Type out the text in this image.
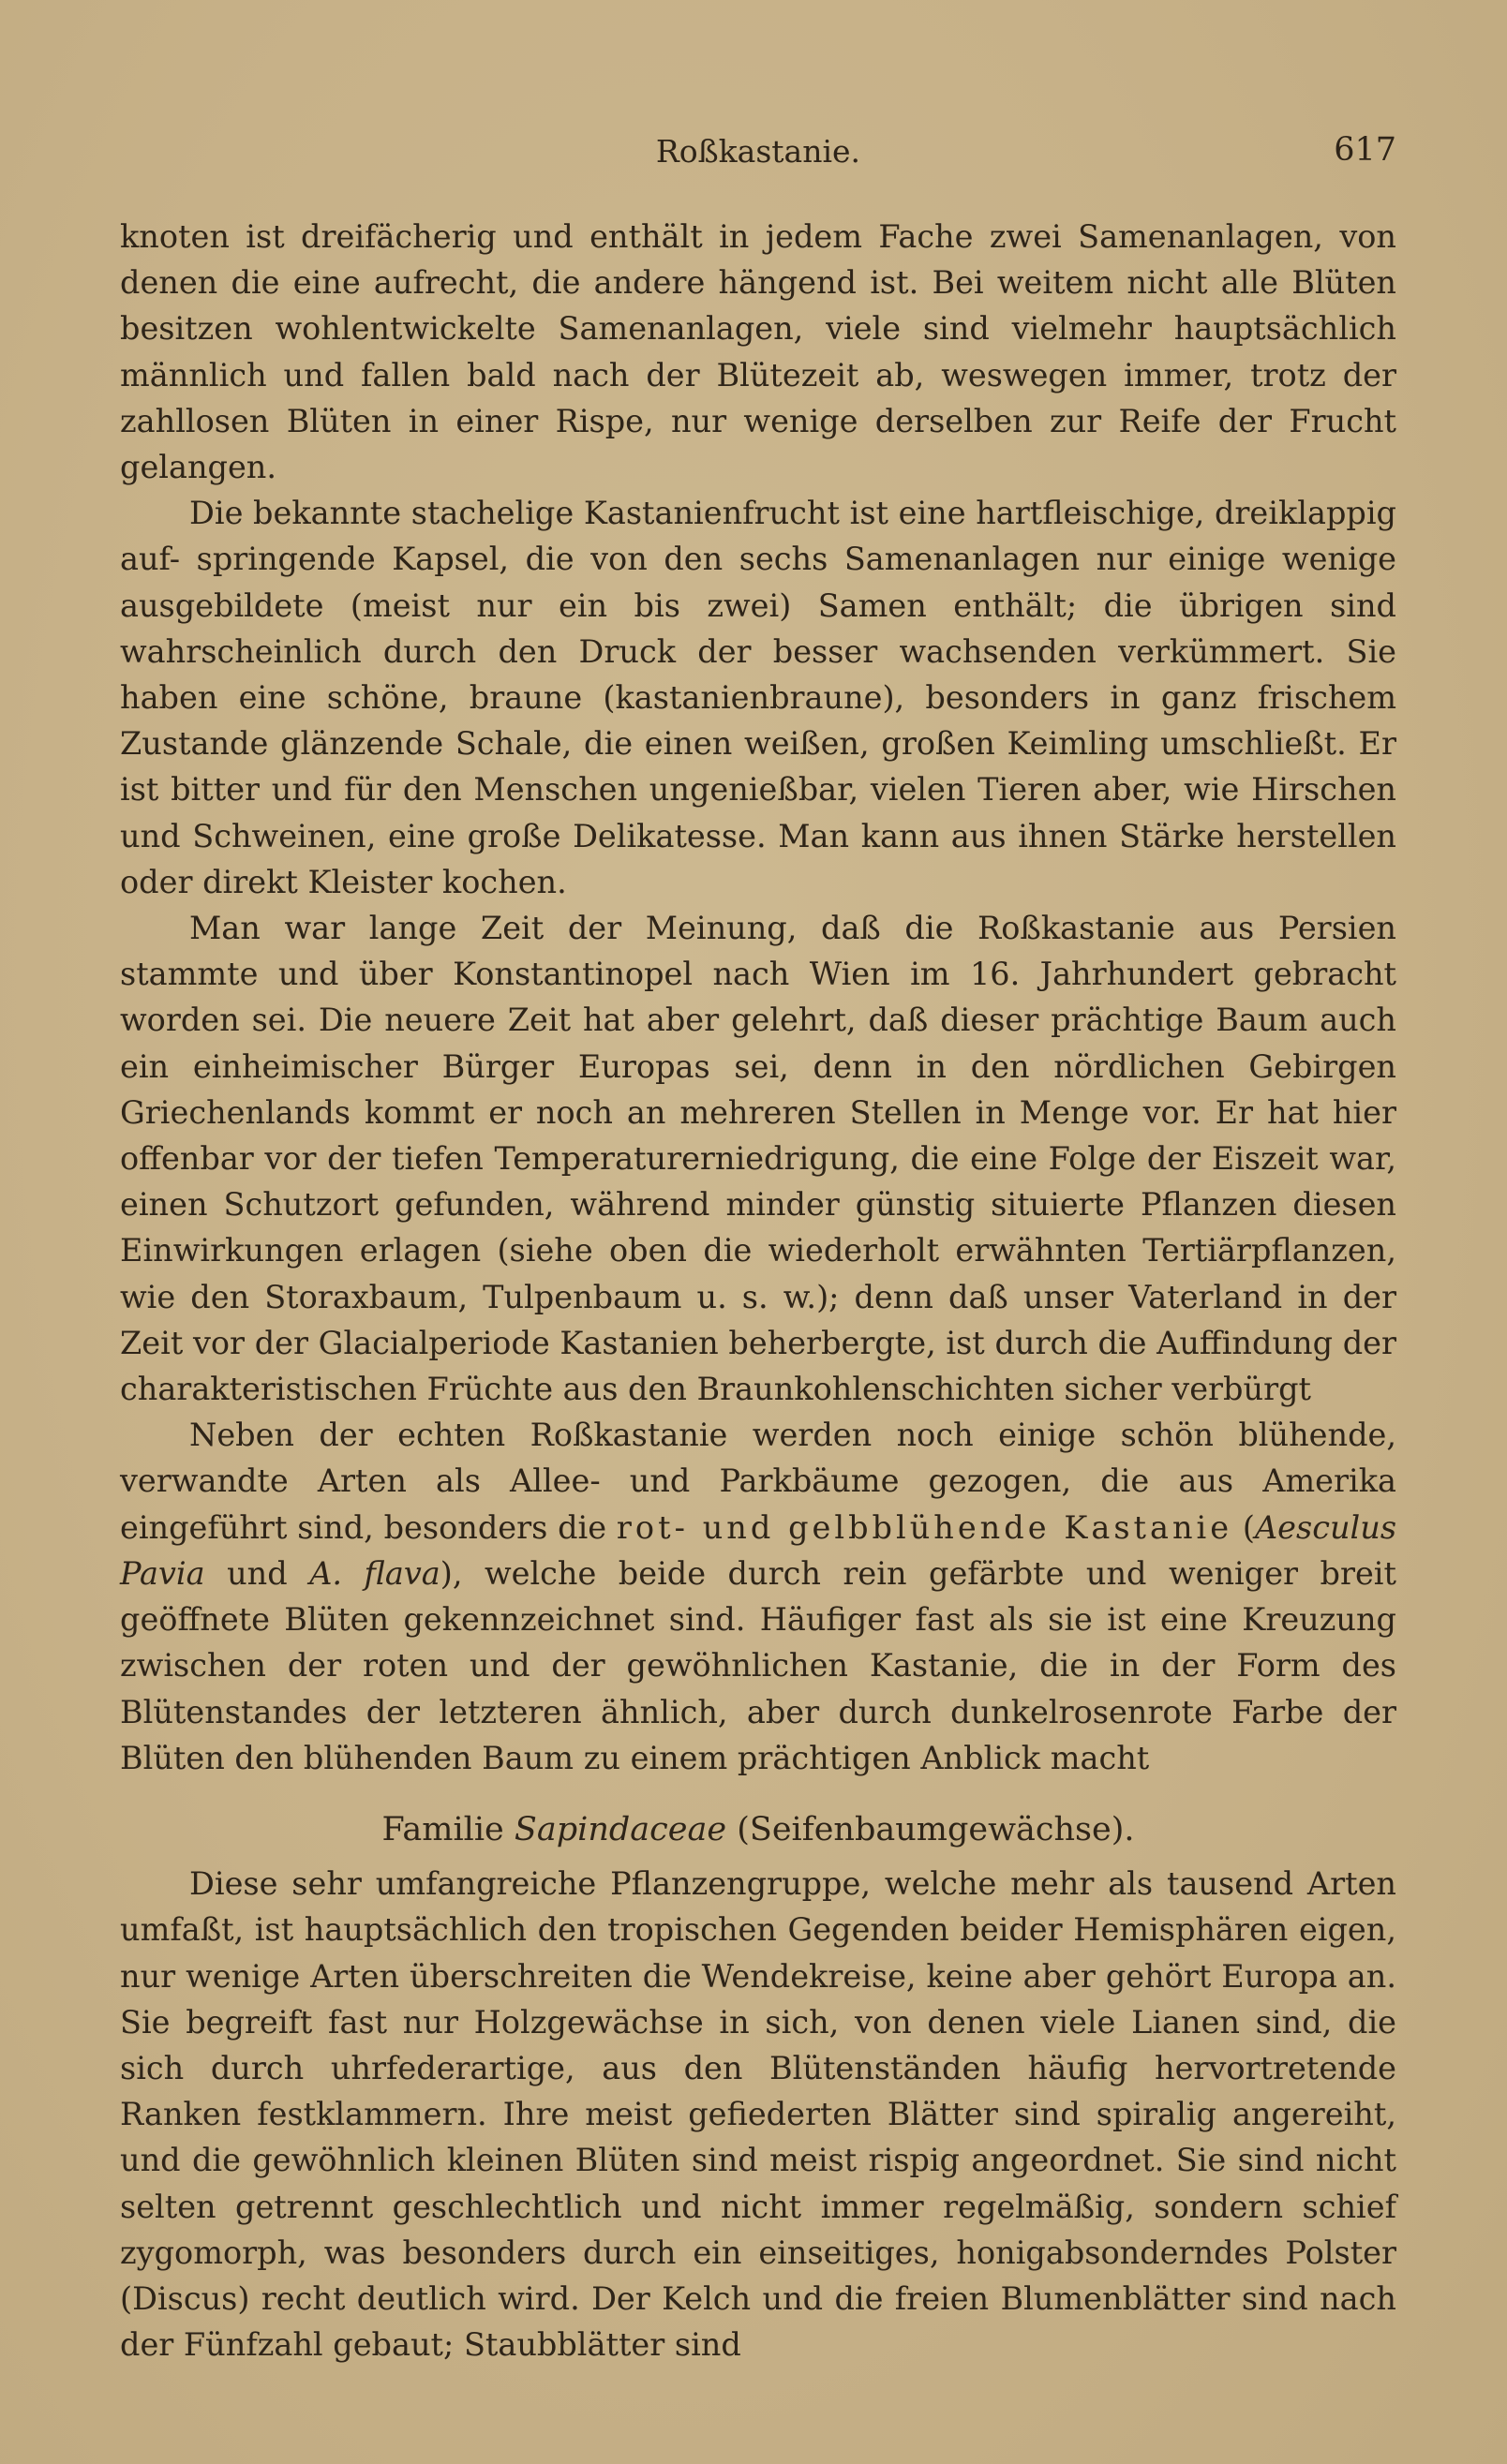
Roßkastanie.	617

knoten ist dreifächerig und enthält in jedem Fache zwei Samenanlagen, von denen die eine aufrecht, die andere hängend ist. Bei weitem nicht alle Blüten besitzen wohlentwickelte Samenanlagen, viele sind vielmehr hauptsächlich männlich und fallen bald nach der Blütezeit ab, weswegen immer, trotz der zahllosen Blüten in einer Rispe, nur wenige derselben zur Reife der Frucht gelangen.

Die bekannte stachelige Kastanienfrucht ist eine hartfleischige, dreiklappig auf- springende Kapsel, die von den sechs Samenanlagen nur einige wenige ausgebildete (meist nur ein bis zwei) Samen enthält; die übrigen sind wahrscheinlich durch den Druck der besser wachsenden verkümmert. Sie haben eine schöne, braune (kastanienbraune), besonders in ganz frischem Zustande glänzende Schale, die einen weißen, großen Keimling umschließt. Er ist bitter und für den Menschen ungenießbar, vielen Tieren aber, wie Hirschen und Schweinen, eine große Delikatesse. Man kann aus ihnen Stärke herstellen oder direkt Kleister kochen.

Man war lange Zeit der Meinung, daß die Roßkastanie aus Persien stammte und über Konstantinopel nach Wien im 16. Jahrhundert gebracht worden sei. Die neuere Zeit hat aber gelehrt, daß dieser prächtige Baum auch ein einheimischer Bürger Europas sei, denn in den nördlichen Gebirgen Griechenlands kommt er noch an mehreren Stellen in Menge vor. Er hat hier offenbar vor der tiefen Temperaturerniedrigung, die eine Folge der Eiszeit war, einen Schutzort gefunden, während minder günstig situierte Pflanzen diesen Einwirkungen erlagen (siehe oben die wiederholt erwähnten Tertiärpflanzen, wie den Storaxbaum, Tulpenbaum u. s. w.); denn daß unser Vaterland in der Zeit vor der Glacialperiode Kastanien beherbergte, ist durch die Auffindung der charakteristischen Früchte aus den Braunkohlenschichten sicher verbürgt

Neben der echten Roßkastanie werden noch einige schön blühende, verwandte Arten als Allee- und Parkbäume gezogen, die aus Amerika eingeführt sind, besonders die rot- und gelbblühende Kastanie (Aesculus Pavia und A. flava), welche beide durch rein gefärbte und weniger breit geöffnete Blüten gekennzeichnet sind. Häufiger fast als sie ist eine Kreuzung zwischen der roten und der gewöhnlichen Kastanie, die in der Form des Blütenstandes der letzteren ähnlich, aber durch dunkelrosenrote Farbe der Blüten den blühenden Baum zu einem prächtigen Anblick macht

Familie Sapindaceae (Seifenbaumgewächse).

Diese sehr umfangreiche Pflanzengruppe, welche mehr als tausend Arten umfaßt, ist hauptsächlich den tropischen Gegenden beider Hemisphären eigen, nur wenige Arten überschreiten die Wendekreise, keine aber gehört Europa an. Sie begreift fast nur Holzgewächse in sich, von denen viele Lianen sind, die sich durch uhrfederartige, aus den Blütenständen häufig hervortretende Ranken festklammern. Ihre meist gefiederten Blätter sind spiralig angereiht, und die gewöhnlich kleinen Blüten sind meist rispig angeordnet. Sie sind nicht selten getrennt geschlechtlich und nicht immer regelmäßig, sondern schief zygomorph, was besonders durch ein einseitiges, honigabsonderndes Polster (Discus) recht deutlich wird. Der Kelch und die freien Blumenblätter sind nach der Fünfzahl gebaut; Staubblätter sind
